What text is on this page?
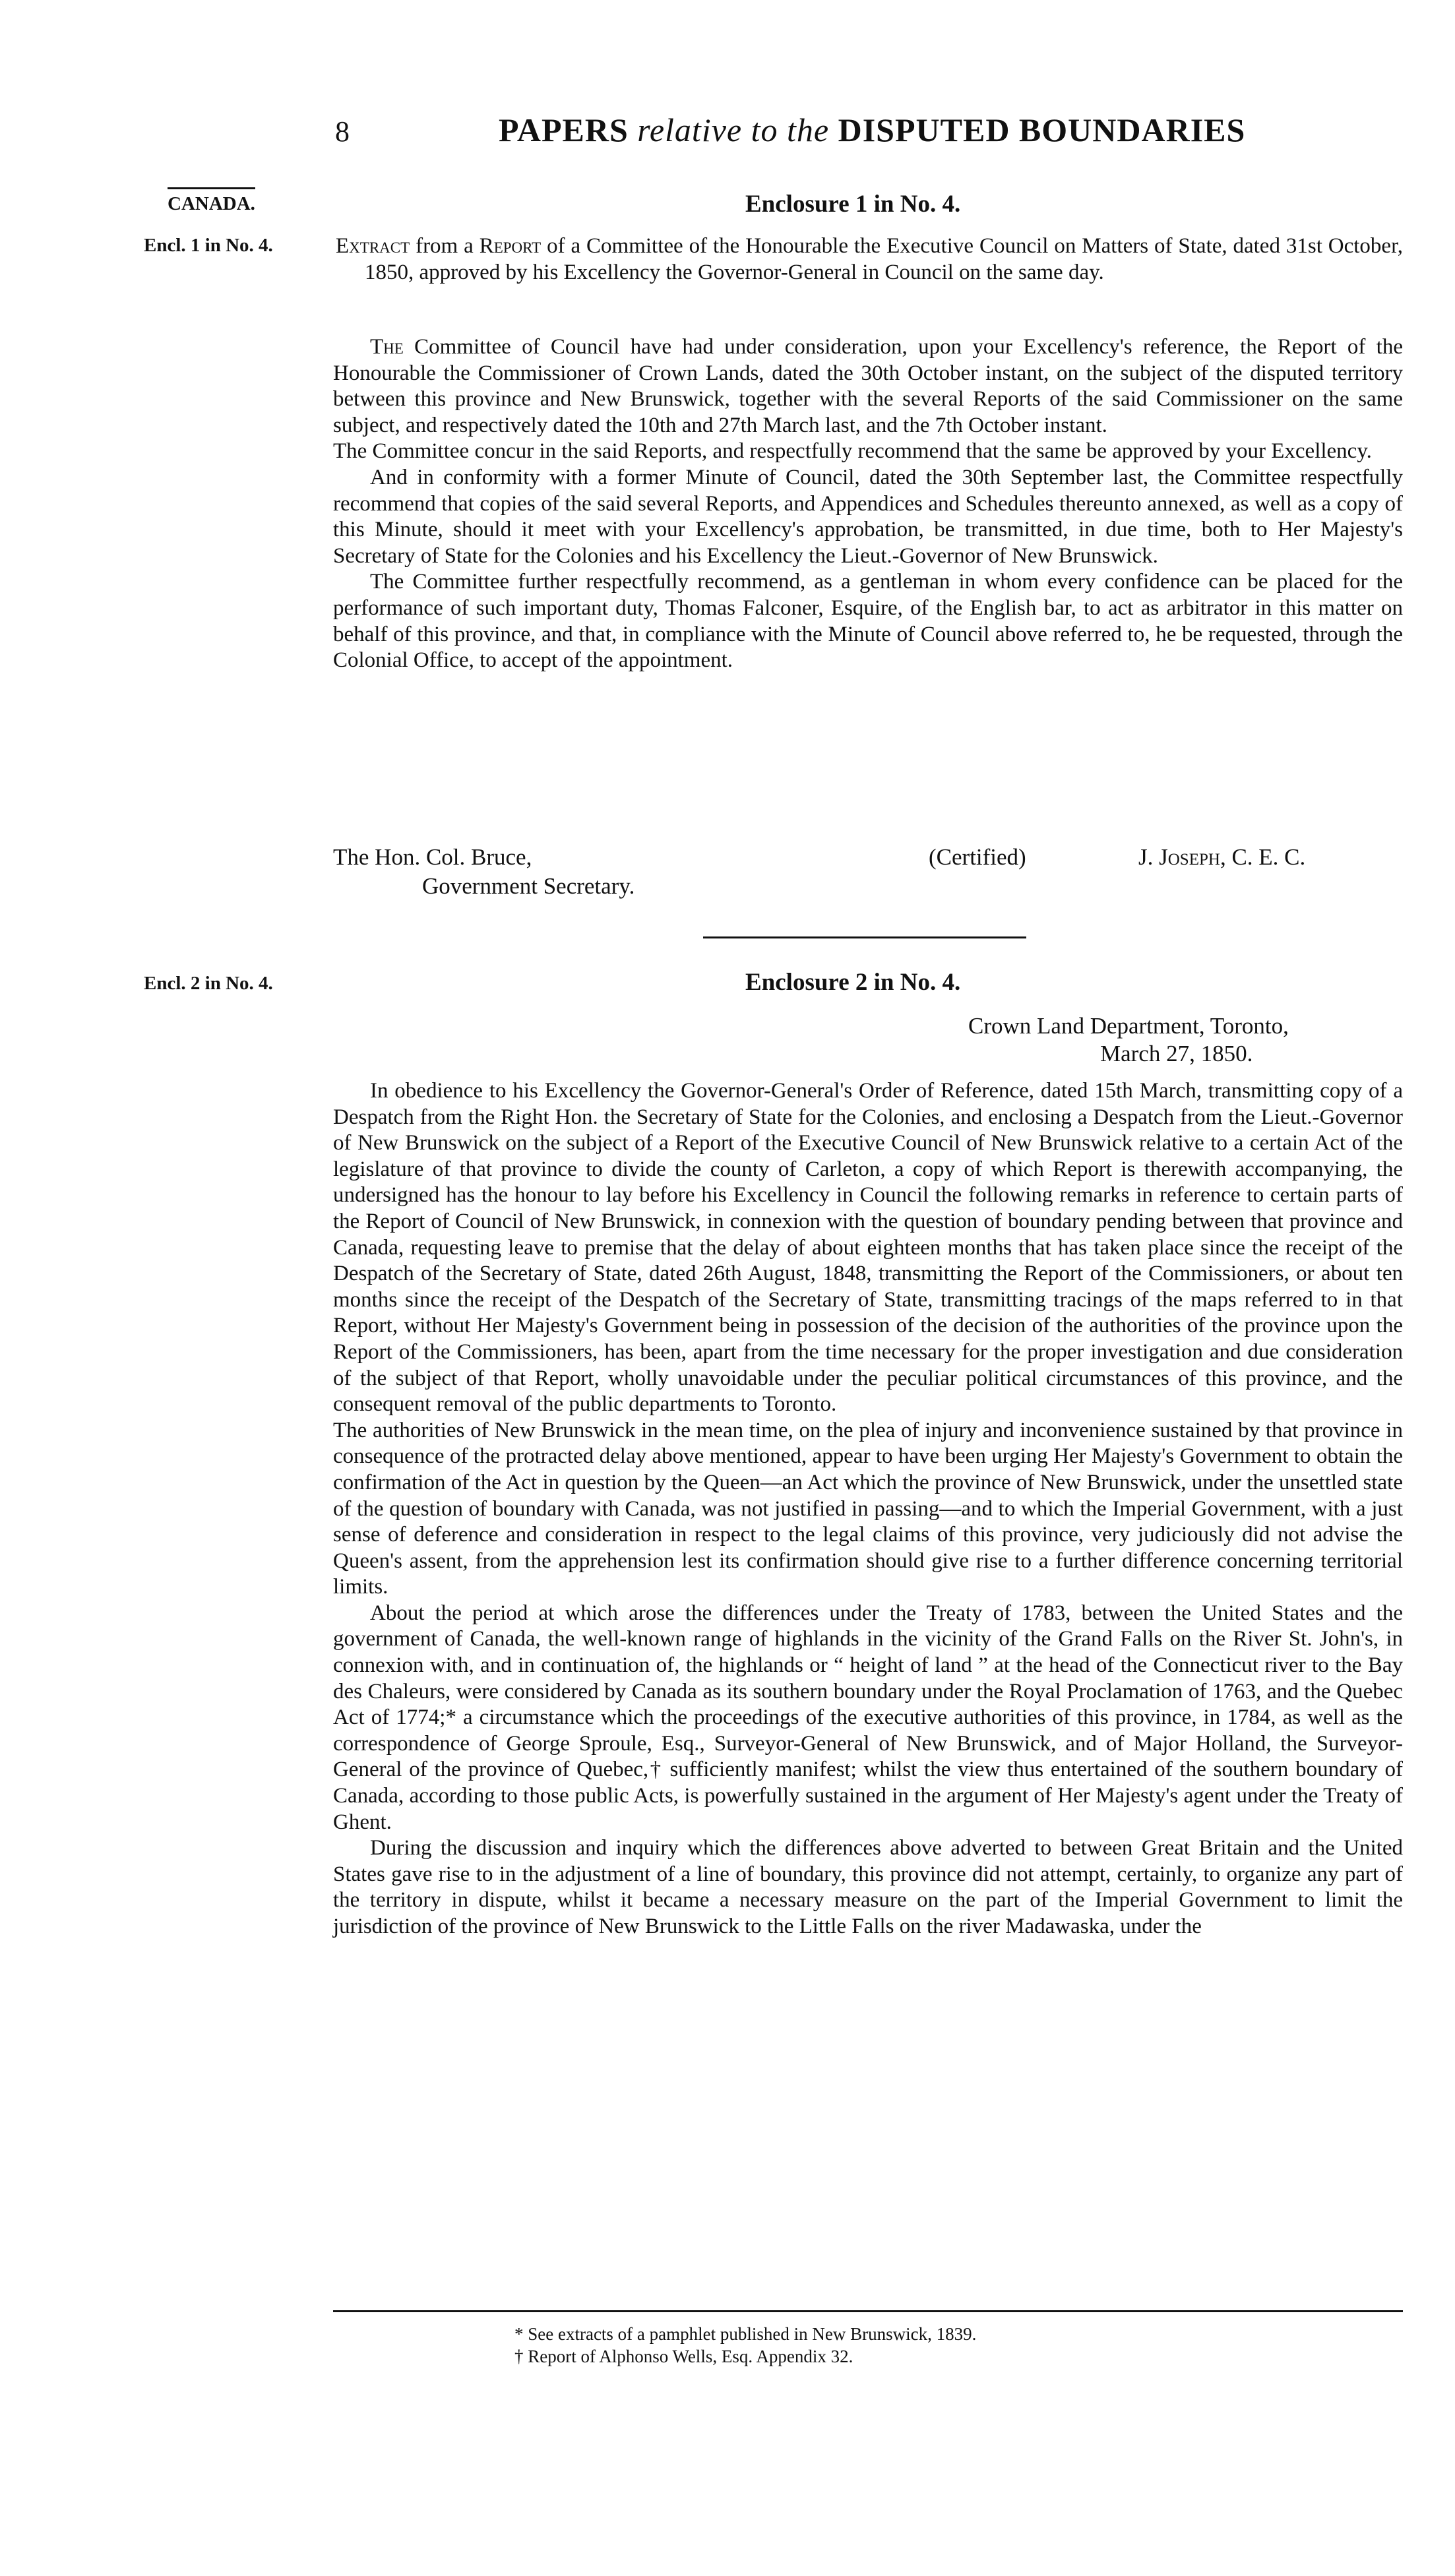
8	PAPERS relative to the DISPUTED BOUNDARIES
CANADA.
Encl. 1 in No. 4.
Encl. 2 in No. 4.
Enclosure 1 in No. 4.

Extract from a Report of a Committee of the Honourable the Executive Council on Matters of State, dated 31st October, 1850, approved by his Excellency the Governor-General in Council on the same day.

The Committee of Council have had under consideration, upon your Excellency's reference, the Report of the Honourable the Commissioner of Crown Lands, dated the 30th October instant, on the subject of the disputed territory between this province and New Brunswick, together with the several Reports of the said Commissioner on the same subject, and respectively dated the 10th and 27th March last, and the 7th October instant.

The Committee concur in the said Reports, and respectfully recommend that the same be approved by your Excellency.

And in conformity with a former Minute of Council, dated the 30th September last, the Committee respectfully recommend that copies of the said several Reports, and Appendices and Schedules thereunto annexed, as well as a copy of this Minute, should it meet with your Excellency's approbation, be transmitted, in due time, both to Her Majesty's Secretary of State for the Colonies and his Excellency the Lieut.-Governor of New Brunswick.

The Committee further respectfully recommend, as a gentleman in whom every confidence can be placed for the performance of such important duty, Thomas Falconer, Esquire, of the English bar, to act as arbitrator in this matter on behalf of this province, and that, in compliance with the Minute of Council above referred to, he be requested, through the Colonial Office, to accept of the appointment.

The Hon. Col. Bruce,	(Certified)	J. Joseph, C. E. C.
Government Secretary.
Enclosure 2 in No. 4.
Crown Land Department, Toronto,
March 27, 1850.

In obedience to his Excellency the Governor-General's Order of Reference, dated 15th March, transmitting copy of a Despatch from the Right Hon. the Secretary of State for the Colonies, and enclosing a Despatch from the Lieut.-Governor of New Brunswick on the subject of a Report of the Executive Council of New Brunswick relative to a certain Act of the legislature of that province to divide the county of Carleton, a copy of which Report is therewith accompanying, the undersigned has the honour to lay before his Excellency in Council the following remarks in reference to certain parts of the Report of Council of New Brunswick, in connexion with the question of boundary pending between that province and Canada, requesting leave to premise that the delay of about eighteen months that has taken place since the receipt of the Despatch of the Secretary of State, dated 26th August, 1848, transmitting the Report of the Commissioners, or about ten months since the receipt of the Despatch of the Secretary of State, transmitting tracings of the maps referred to in that Report, without Her Majesty's Government being in possession of the decision of the authorities of the province upon the Report of the Commissioners, has been, apart from the time necessary for the proper investigation and due consideration of the subject of that Report, wholly unavoidable under the peculiar political circumstances of this province, and the consequent removal of the public departments to Toronto.

The authorities of New Brunswick in the mean time, on the plea of injury and inconvenience sustained by that province in consequence of the protracted delay above mentioned, appear to have been urging Her Majesty's Government to obtain the confirmation of the Act in question by the Queen—an Act which the province of New Brunswick, under the unsettled state of the question of boundary with Canada, was not justified in passing—and to which the Imperial Government, with a just sense of deference and consideration in respect to the legal claims of this province, very judiciously did not advise the Queen's assent, from the apprehension lest its confirmation should give rise to a further difference concerning territorial limits.

About the period at which arose the differences under the Treaty of 1783, between the United States and the government of Canada, the well-known range of highlands in the vicinity of the Grand Falls on the River St. John's, in connexion with, and in continuation of, the highlands or “ height of land ” at the head of the Connecticut river to the Bay des Chaleurs, were considered by Canada as its southern boundary under the Royal Proclamation of 1763, and the Quebec Act of 1774;* a circumstance which the proceedings of the executive authorities of this province, in 1784, as well as the correspondence of George Sproule, Esq., Surveyor-General of New Brunswick, and of Major Holland, the Surveyor-General of the province of Quebec,† sufficiently manifest; whilst the view thus entertained of the southern boundary of Canada, according to those public Acts, is powerfully sustained in the argument of Her Majesty's agent under the Treaty of Ghent.

During the discussion and inquiry which the differences above adverted to between Great Britain and the United States gave rise to in the adjustment of a line of boundary, this province did not attempt, certainly, to organize any part of the territory in dispute, whilst it became a necessary measure on the part of the Imperial Government to limit the jurisdiction of the province of New Brunswick to the Little Falls on the river Madawaska, under the

* See extracts of a pamphlet published in New Brunswick, 1839.
† Report of Alphonso Wells, Esq. Appendix 32.
